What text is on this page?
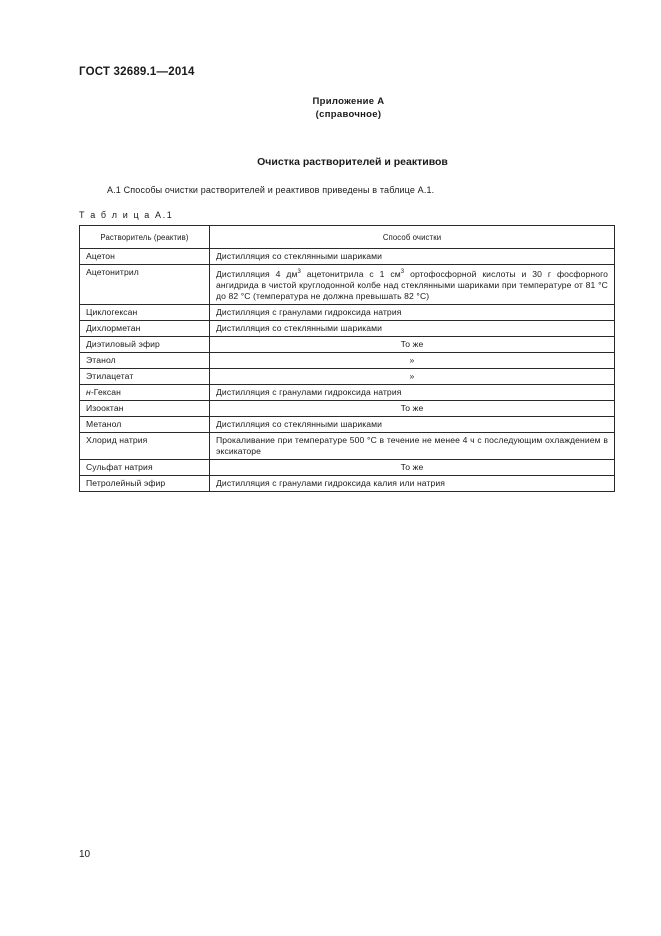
ГОСТ 32689.1—2014
Приложение А
(справочное)
Очистка растворителей и реактивов
А.1 Способы очистки растворителей и реактивов приведены в таблице А.1.
Т а б л и ц а А.1
Растворитель (реактив)	Способ очистки
Ацетон	Дистилляция со стеклянными шариками
Ацетонитрил	Дистилляция 4 $дм^3$ ацетонитрила с 1 $см^3$ ортофосфорной кислоты и 30 г фосфорного ангидрида в чистой круглодонной колбе над стеклянными шариками при температуре от 81 °С до 82 °С (температура не должна превышать 82 °С)
Циклогексан	Дистилляция с гранулами гидроксида натрия
Дихлорметан	Дистилляция со стеклянными шариками
Диэтиловый эфир	То же
Этанол	»
Этилацетат	»
н-Гексан	Дистилляция с гранулами гидроксида натрия
Изооктан	То же
Метанол	Дистилляция со стеклянными шариками
Хлорид натрия	Прокаливание при температуре 500 °С в течение не менее 4 ч с последующим охлаждением в эксикаторе
Сульфат натрия	То же
Петролейный эфир	Дистилляция с гранулами гидроксида калия или натрия
10
